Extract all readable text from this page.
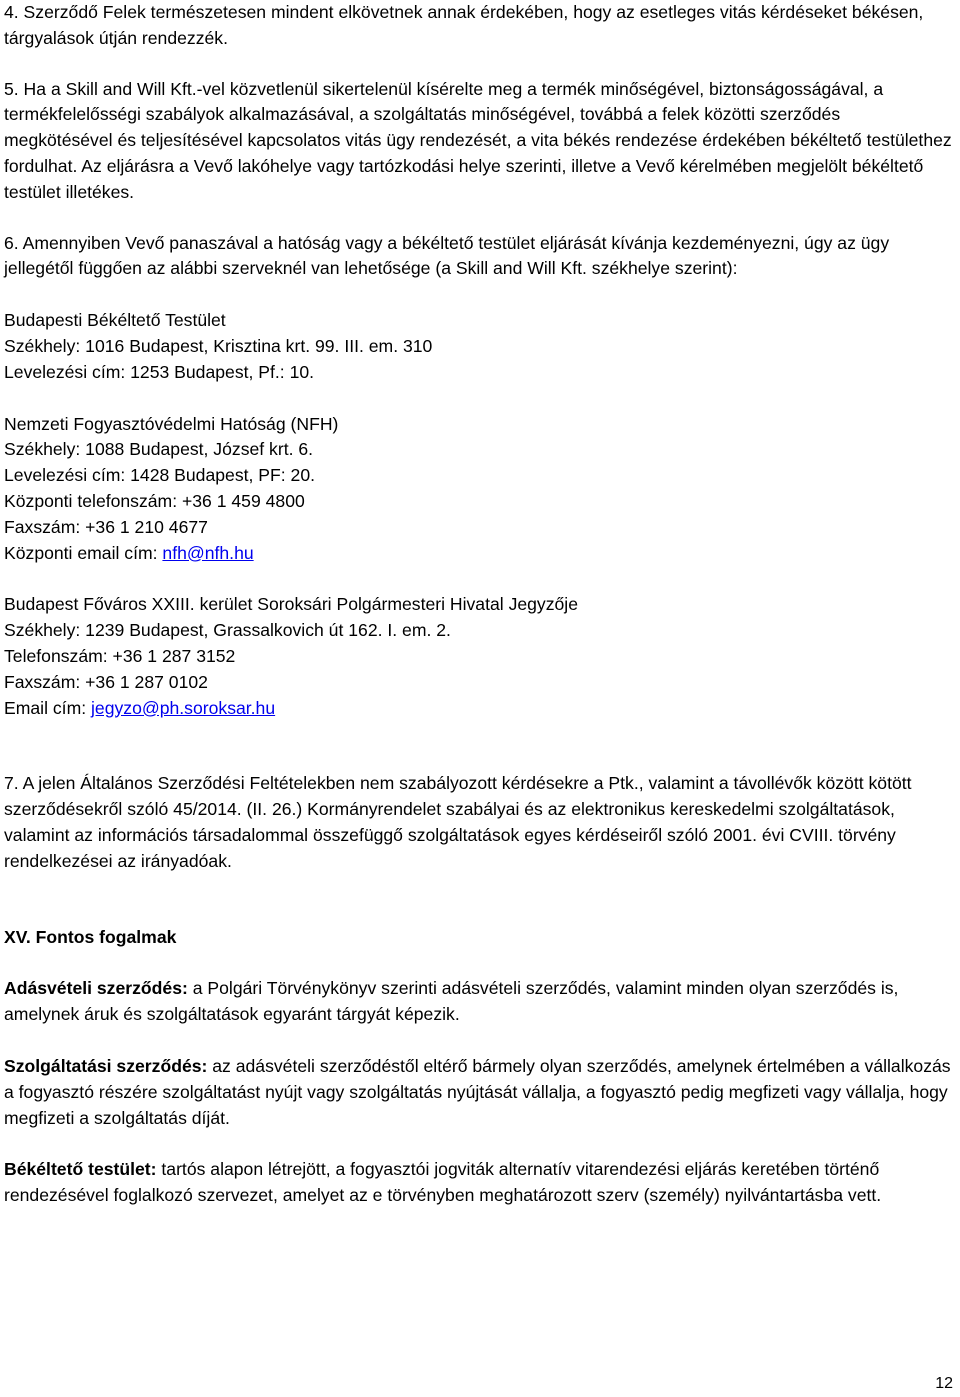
4. Szerződő Felek természetesen mindent elkövetnek annak érdekében, hogy az esetleges vitás kérdéseket békésen, tárgyalások útján rendezzék.

5. Ha a Skill and Will Kft.-vel közvetlenül sikertelenül kísérelte meg a termék minőségével, biztonságosságával, a termékfelelősségi szabályok alkalmazásával, a szolgáltatás minőségével, továbbá a felek közötti szerződés megkötésével és teljesítésével kapcsolatos vitás ügy rendezését, a vita békés rendezése érdekében békéltető testülethez fordulhat. Az eljárásra a Vevő lakóhelye vagy tartózkodási helye szerinti, illetve a Vevő kérelmében megjelölt békéltető testület illetékes.

6. Amennyiben Vevő panaszával a hatóság vagy a békéltető testület eljárását kívánja kezdeményezni, úgy az ügy jellegétől függően az alábbi szerveknél van lehetősége (a Skill and Will Kft. székhelye szerint):

Budapesti Békéltető Testület

Székhely: 1016 Budapest, Krisztina krt. 99. III. em. 310

Levelezési cím: 1253 Budapest, Pf.: 10.

Nemzeti Fogyasztóvédelmi Hatóság (NFH)

Székhely: 1088 Budapest, József krt. 6.

Levelezési cím: 1428 Budapest, PF: 20.

Központi telefonszám: +36 1 459 4800

Faxszám: +36 1 210 4677

Központi email cím: nfh@nfh.hu

Budapest Főváros XXIII. kerület Soroksári Polgármesteri Hivatal Jegyzője

Székhely: 1239 Budapest, Grassalkovich út 162. I. em. 2.

Telefonszám: +36 1 287 3152

Faxszám: +36 1 287 0102

Email cím: jegyzo@ph.soroksar.hu

7. A jelen Általános Szerződési Feltételekben nem szabályozott kérdésekre a Ptk., valamint a távollévők között kötött szerződésekről szóló 45/2014. (II. 26.) Kormányrendelet szabályai és az elektronikus kereskedelmi szolgáltatások, valamint az információs társadalommal összefüggő szolgáltatások egyes kérdéseiről szóló 2001. évi CVIII. törvény rendelkezései az irányadóak.

XV. Fontos fogalmak

Adásvételi szerződés: a Polgári Törvénykönyv szerinti adásvételi szerződés, valamint minden olyan szerződés is, amelynek áruk és szolgáltatások egyaránt tárgyát képezik.

Szolgáltatási szerződés: az adásvételi szerződéstől eltérő bármely olyan szerződés, amelynek értelmében a vállalkozás a fogyasztó részére szolgáltatást nyújt vagy szolgáltatás nyújtását vállalja, a fogyasztó pedig megfizeti vagy vállalja, hogy megfizeti a szolgáltatás díját.

Békéltető testület: tartós alapon létrejött, a fogyasztói jogviták alternatív vitarendezési eljárás keretében történő rendezésével foglalkozó szervezet, amelyet az e törvényben meghatározott szerv (személy) nyilvántartásba vett.

12
